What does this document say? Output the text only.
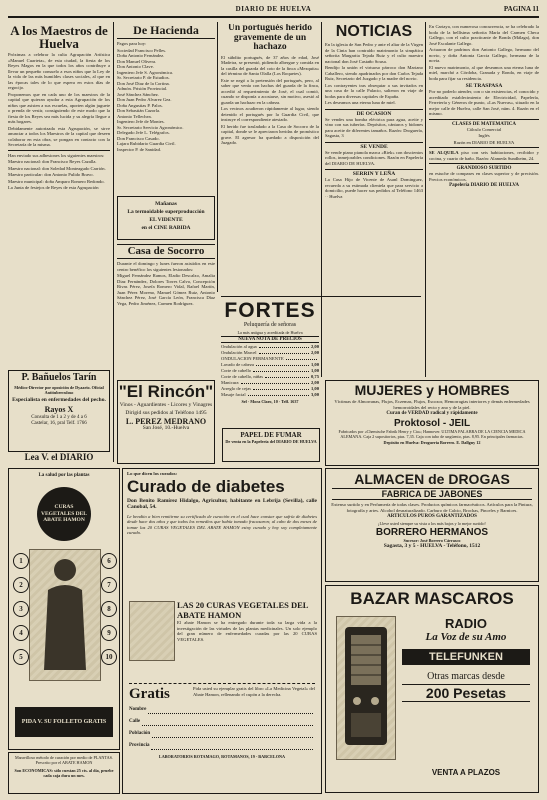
DIARIO DE HUELVA	PAGINA 11
A los Maestros de Huelva
Próximas a celebrar la culta Agrupación Artística «Manuel Cuarteta», de esta ciudad, la fiesta de los Reyes Magos en la que todos los años contribuye a llevar un pequeño consuelo a esos niños que la Ley de la vida de las más humildes clases sociales, al que en las épocas tales de lo que espera en estos días de regocijo.
Proponemos que en cada uno de los maestros de la capital que quieran ayudar a esta Agrupación de los niños que asisten a sus escuelas, aporten algún juguete o prenda de vestir, consiguiendo de este modo que la fiesta de los Reyes sea más lucida y su alegría llegue a más hogares.
Debidamente autorizada esta Agrupación, se sirve anunciar a todos los Maestros de la capital que deseen colaborar en esta obra, se pongan en contacto con la Secretaría de la misma.
Han enviado sus adhesiones los siguientes maestros:
Maestro nacional: don Francisco Reyes Cazalla.
Maestro nacional: don Soledad Monteagudo Carrión.
Maestro particular: don Antonio Pulido Bravo.
Maestro municipal: doña Amparo Romero Redondo.
La Junta de festejos de Reyes de esta Agrupación
P. Bañuelos Tarín
Médico-Director por oposición de Dyaario. Oficial Antituberculoso
Especialista en enfermedades del pecho.
Rayos X
Consulta de 1 a 2 y de 4 a 6
Castelar, 16, pral Telf. 1766
Lea V. el DIARIO
De Hacienda
Pagos para hoy:
Sociedad Francisco Pelles.
Doña Antonio Fernández.
Don Manuel Olivera.
Don Antonio Clave.
Ingeniero Jefe S. Agronómica.
Sr. Secretario P. de Estudios.
Don José Diaz de la Cortina.
Admón. Prisión Provincial.
José Sánchez Sánchez.
Don Juan Pedro Alvarez Gea.
Doña Angustias P. Palos.
Don Sebastián Cazorla.
Antonio Tellechea.
Ingeniero Jefe de Montes.
Sr. Secretario Servicio Agronómico.
Delegado Jefe L. Telégrafos.
Don Francisco Casado.
Lajara Rubidario Guardia Civil.
Inspector P. de Sanidad.
Mañanas
La termoidable superproducción
EL VIDENTE
en el CINE RABIDA
Casa de Socorro
Durante el domingo y lunes fueron asistidos en este centro benéfico los siguientes lesionados:
Miguel Fernández Ramos, Eladio Descalzo, Amalia Diaz Fernández, Dolores Torres Calvo, Concepción Rivas Pérez, Josefa Romero Vidal, Rafael Martín, Juan Pérez Moreno, Manuel Gómez Ruiz, Antonio Sánchez Pérez, José García León, Francisca Díaz Vega, Pedro Jiménez, Carmen Rodríguez.
"El Rincón"
Vinos - Aguardientes - Licores y Vinagres
Dirigid sus pedidos al Teléfono 1495
L. PEREZ MEDRANO
San José, 10.-Huelva
Un portugués herido gravemente de un hachazo
El súbdito portugués, de 37 años de edad, José Madeira, se presentó, pidiendo albergue y comida en la casilla del guarda del coto de la finca «Mezquita» del término de Santa Olalla (Los Roquetes).
Este se negó a la pretensión del portugués, pero, al saber que venía con hachas del guarda de la finca, accedió al requerimiento de José, el cual comió, cuando se disponía a acostarse, sin motivo, asestó al guarda un hachazo en la cabeza.
Los vecinos acudieron rápidamente al lugar, siendo detenido el portugués por la Guardia Civil, que instruye el correspondiente atestado.
El herido fue trasladado a la Casa de Socorro de la capital, donde se le apreciaron heridas de pronóstico grave. El agresor ha quedado a disposición del Juzgado.
FORTES
Peluquería de señoras
La más antigua y acreditada de Huelva
NUEVA NOTA DE PRECIOS
Ondulación al agua	2,00
Ondulación Marcel	2,00
ONDULACION PERMANENTE
Lavado de cabeza	1,00
Corte de cabello	1,00
Corte de cabello, niñas	0,75
Manicura	2,00
Arreglo de cejas	1,00
Masaje facial	3,00
Sel · Mora Claro, 10 · Telf. 1637
PAPEL DE FUMAR
De venta en la Papelería del DIARIO DE HUELVA
NOTICIAS
En la iglesia de San Pedro y ante el altar de la Virgen de la Cinta han contraído matrimonio la simpática señorita Margarita Tejada Ruiz y el culto maestro nacional don José Castaño Sousa.
Bendijo la unión el virtuoso párroco don Mariano Caballero, siendo apadrinados por don Carlos Tejada Ruiz, Secretario del Juzgado y la madre del novio.
Los contrayentes tras obsequiar a sus invitados en una casa de la calle Palacio, salieron en viaje de bodas para diversas capitales de España.
Les deseamos una eterna luna de miel.
DE OCASION
Se vendes una bomba eléctrica para agua, aceite y vino con sus tuberías. Depósitos, cántaros y bidones para aceite de diferentes tamaños. Razón: Droguería, Sagasta, 3
SE VENDE
Se vende piano pianola marca «Riek» con doscientos rollos, inmejorables condiciones. Razón en Papelería del DIARIO DE HUELVA.
SERRIN Y LEÑA
La Casa Hijo de Vicente de Asanl Dominguez, recuerda a su estimada clientela que para servicio a domicilio, puede hacer sus pedidos al Teléfono 1463 ·· Huelva
En Cartaya, con numerosa concurrencia, se ha celebrado la boda de la bellísima señorita María del Carmen Checa Gallego, con el culto practicante de Bonda (Málaga), don José Escalante Gallego.
Actuaron de padrinos don Antonio Gallego, hermano del novio, y doña Antonia Garcia Gallego, hermana de la novia.
El nuevo matrimonio, al que deseamos una eterna luna de miel, marchó a Córdoba, Granada y Ronda, en viaje de boda para fijar su residencia.
SE TRASPASA
Por no poderlo atender, con o sin existencias, el conocido y acreditado establecimiento de Electricidad, Papelería, Ferretería y Géneros de punto, «Las Nuevas», situado en la mejor calle de Huelva, calle San José, núm. 4. Razón en el mismo.
CLASES DE MATEMATICA
Cálculo Comercial
Inglés
Razón en DIARIO DE HUELVA
SE ALQUILA piso con seis habitaciones, recibidor y cocina, y cuarto de baño. Razón: Alameda Sundheim, 24.
GRANDIOSO SURTIDO
en estuche de compases en clases superior y de precisión. Precios económicos.
Papelería DIARIO DE HUELVA
MUJERES y HOMBRES
Víctimas de Almorranas, Flujos, Eczemas, Flujos, Escozor, Hemorragias interiores y demás enfermedades hemorroidales del recto y ano y de la piel.
Curan de VERDAD radical y rápidamente
Proktosol - JEIL
Fabricados por «Chemische Fabrik Henry y Cia»; Hannover. ULTIMA PALABRA DE LA CIENCIA MEDICA ALEMANA. Caja 2 supositorios, ptas. 7,35. Caja con tubo de ungüento, ptas. 8,95. En principales farmacias.
Depósito en Huelva: Droguería Borrero. E. Dallgny 12
ALMACEN de DROGAS
FABRICA DE JABONES
Extenso surtido y en Perfumería de todas clases. Productos químicos farmacéuticos. Artículos para la Pintura, fotografía y artes. Alcohol desnaturalizado. Carburo de Calcio, Brochas, Pinceles y Barnices.
ARTICULOS PUROS GARANTIZADOS
¡Lleve usted siempre su vista a los más bajos y lo mejor surtido!
BORRERO HERMANOS
Sucesor: José Borrero Cárrasco
Sagasta, 3 y 5 - HUELVA - Teléfono, 1512
BAZAR MASCAROS
RADIO
La Voz de su Amo
TELEFUNKEN
Otras marcas desde
200 Pesetas
VENTA A PLAZOS
La salud por las plantas
CURAS VEGETALES DEL ABATE HAMON
1
2
3
4
5
6
7
8
9
10
PIDA V. SU FOLLETO GRATIS
Maravilloso método de curación por medio de PLANTAS. Prescrito por el ABATE HAMON
Son ECONOMICAS: sólo cuestan 25 cts. al día, pruebe cada caja dura un mes.
Lo que dicen los curados:
Curado de diabetes
Don Benito Ramírez Hidalgo, Agricultor, habitante en Lebrija (Sevilla), calle Canobal, 54.
Le bendito a bien remitirme su certificado de curación en el cual hace constar que sufría de diabetes desde hace dos años y que todos los remedios que había tomado fracasaron; al cabo de dos meses de tomar las 20 CURAS VEGETALES DEL ABATE HAMON estoy curado y hoy soy completamente curado.
LAS 20 CURAS VEGETALES DEL ABATE HAMON
El abate Hamon se ha entregado durante toda su larga vida a la investigación de las virtudes de las plantas medicinales. Un solo ejemplo del gran número de enfermedades curadas por las 20 CURAS VEGETALES.
Gratis	Pida usted su ejemplar gratis del libro «La Medicina Vegetal» del Abate Hamon, rellenando el cupón a la derecha.
Nombre
Calle
Población
Provincia
LABORATORIOS ROTAMAGO, ROTAMANOS, 19 - BARCELONA
